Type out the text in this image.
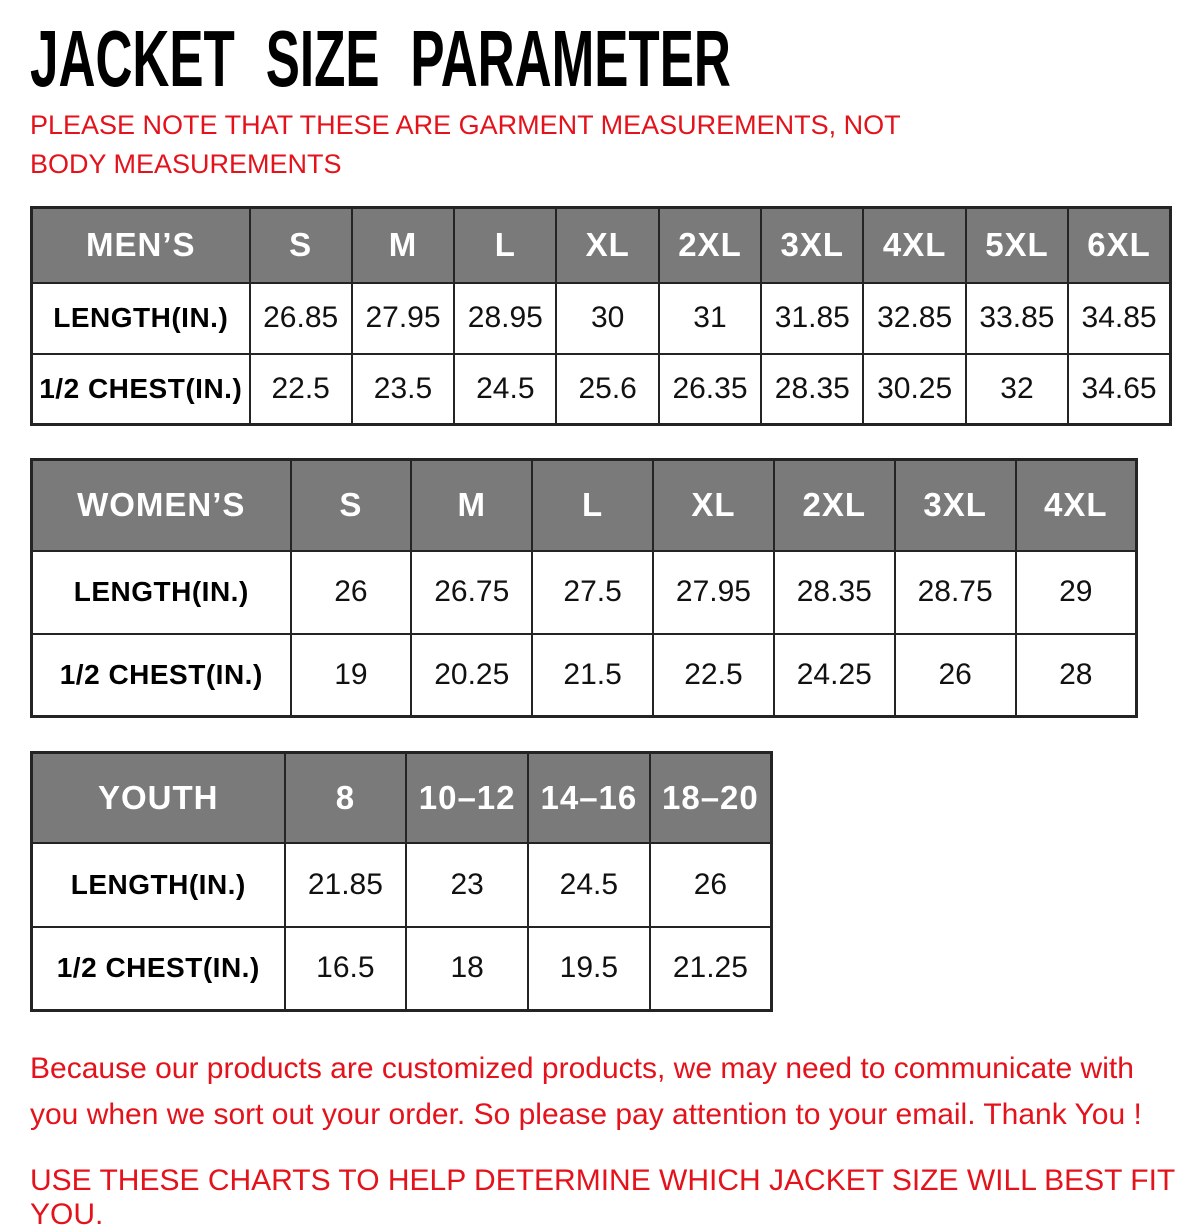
JACKET SIZE PARAMETER
PLEASE NOTE THAT THESE ARE GARMENT MEASUREMENTS, NOT BODY MEASUREMENTS
MEN’S	S	M	L	XL	2XL	3XL	4XL	5XL	6XL
LENGTH(IN.)	26.85	27.95	28.95	30	31	31.85	32.85	33.85	34.85
1/2 CHEST(IN.)	22.5	23.5	24.5	25.6	26.35	28.35	30.25	32	34.65
WOMEN’S	S	M	L	XL	2XL	3XL	4XL
LENGTH(IN.)	26	26.75	27.5	27.95	28.35	28.75	29
1/2 CHEST(IN.)	19	20.25	21.5	22.5	24.25	26	28
YOUTH	8	10–12	14–16	18–20
LENGTH(IN.)	21.85	23	24.5	26
1/2 CHEST(IN.)	16.5	18	19.5	21.25

Because our products are customized products, we may need to communicate with you when we sort out your order. So please pay attention to your email. Thank You !

USE THESE CHARTS TO HELP DETERMINE WHICH JACKET SIZE WILL BEST FIT YOU.
